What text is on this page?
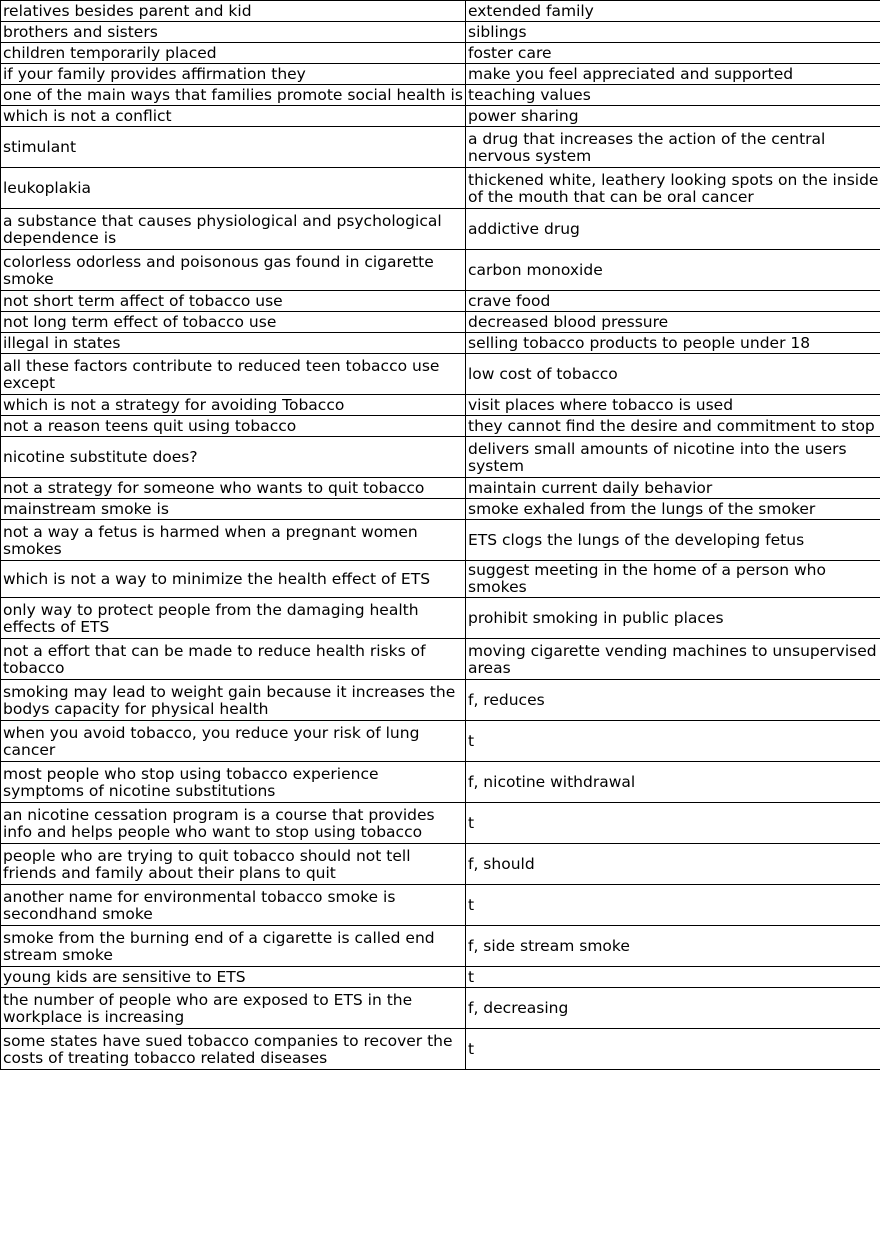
relatives besides parent and kid	extended family
brothers and sisters	siblings
children temporarily placed	foster care
if your family provides affirmation they	make you feel appreciated and supported
one of the main ways that families promote social health is	teaching values
which is not a conflict	power sharing
stimulant	a drug that increases the action of the central nervous system
leukoplakia	thickened white, leathery looking spots on the inside of the mouth that can be oral cancer
a substance that causes physiological and psychological dependence is	addictive drug
colorless odorless and poisonous gas found in cigarette smoke	carbon monoxide
not short term affect of tobacco use	crave food
not long term effect of tobacco use	decreased blood pressure
illegal in states	selling tobacco products to people under 18
all these factors contribute to reduced teen tobacco use except	low cost of tobacco
which is not a strategy for avoiding Tobacco	visit places where tobacco is used
not a reason teens quit using tobacco	they cannot find the desire and commitment to stop
nicotine substitute does?	delivers small amounts of nicotine into the users system
not a strategy for someone who wants to quit tobacco	maintain current daily behavior
mainstream smoke is	smoke exhaled from the lungs of the smoker
not a way a fetus is harmed when a pregnant women smokes	ETS clogs the lungs of the developing fetus
which is not a way to minimize the health effect of ETS	suggest meeting in the home of a person who smokes
only way to protect people from the damaging health effects of ETS	prohibit smoking in public places
not a effort that can be made to reduce health risks of tobacco	moving cigarette vending machines to unsupervised areas
smoking may lead to weight gain because it increases the bodys capacity for physical health	f, reduces
when you avoid tobacco, you reduce your risk of lung cancer	t
most people who stop using tobacco experience symptoms of nicotine substitutions	f, nicotine withdrawal
an nicotine cessation program is a course that provides info and helps people who want to stop using tobacco	t
people who are trying to quit tobacco should not tell friends and family about their plans to quit	f, should
another name for environmental tobacco smoke is secondhand smoke	t
smoke from the burning end of a cigarette is called end stream smoke	f, side stream smoke
young kids are sensitive to ETS	t
the number of people who are exposed to ETS in the workplace is increasing	f, decreasing
some states have sued tobacco companies to recover the costs of treating tobacco related diseases	t
